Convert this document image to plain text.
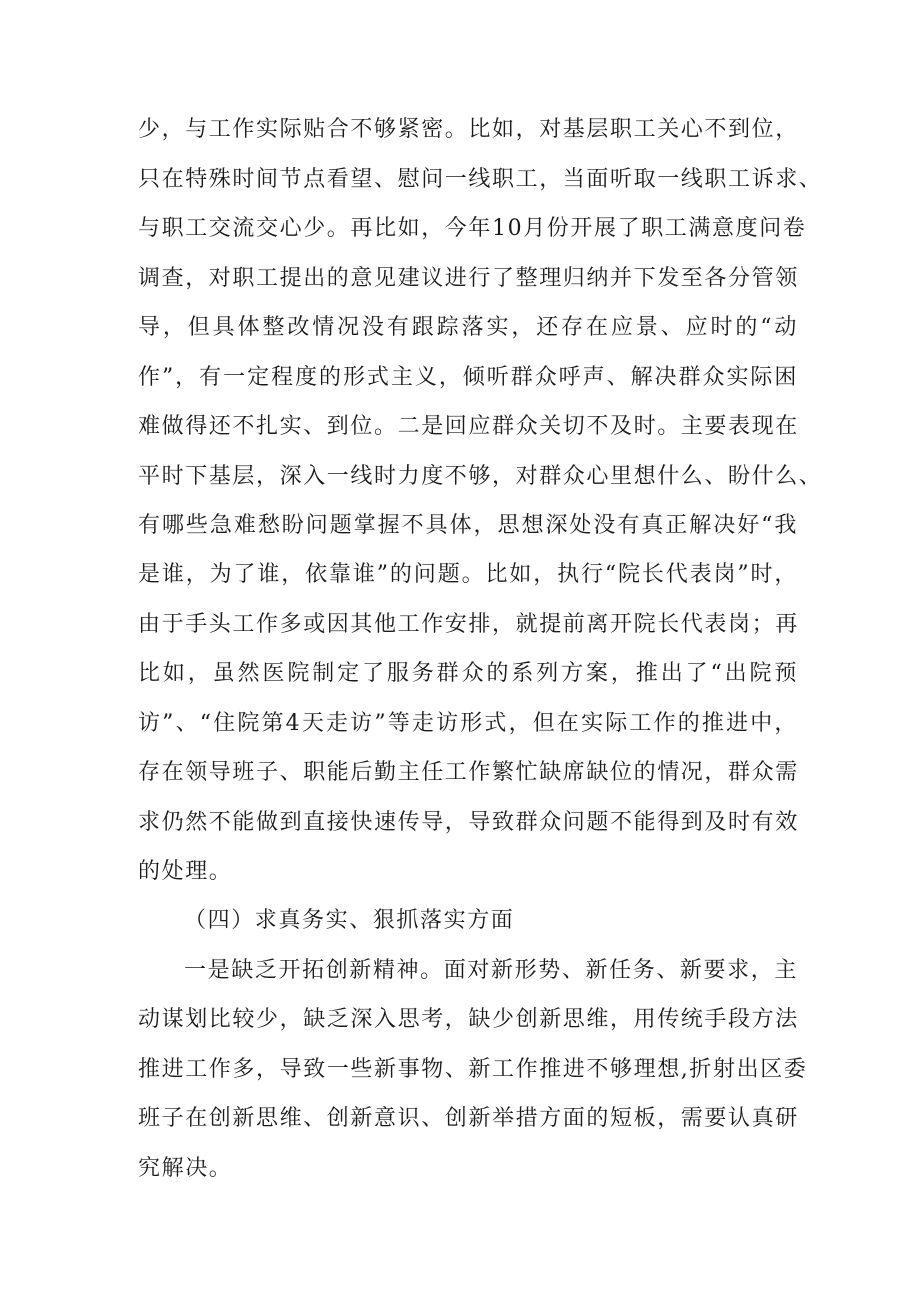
少，与工作实际贴合不够紧密。比如，对基层职工关心不到位，
只在特殊时间节点看望、慰问一线职工，当面听取一线职工诉求、
与职工交流交心少。再比如，今年10月份开展了职工满意度问卷
调查，对职工提出的意见建议进行了整理归纳并下发至各分管领
导，但具体整改情况没有跟踪落实，还存在应景、应时的“动
作”，有一定程度的形式主义，倾听群众呼声、解决群众实际困
难做得还不扎实、到位。二是回应群众关切不及时。主要表现在
平时下基层，深入一线时力度不够，对群众心里想什么、盼什么、
有哪些急难愁盼问题掌握不具体，思想深处没有真正解决好“我
是谁，为了谁，依靠谁”的问题。比如，执行“院长代表岗”时，
由于手头工作多或因其他工作安排，就提前离开院长代表岗；再
比如，虽然医院制定了服务群众的系列方案，推出了“出院预
访”、“住院第4天走访”等走访形式，但在实际工作的推进中，
存在领导班子、职能后勤主任工作繁忙缺席缺位的情况，群众需
求仍然不能做到直接快速传导，导致群众问题不能得到及时有效
的处理。
（四）求真务实、狠抓落实方面
一是缺乏开拓创新精神。面对新形势、新任务、新要求，主
动谋划比较少，缺乏深入思考，缺少创新思维，用传统手段方法
推进工作多，导致一些新事物、新工作推进不够理想,折射出区委
班子在创新思维、创新意识、创新举措方面的短板，需要认真研
究解决。
